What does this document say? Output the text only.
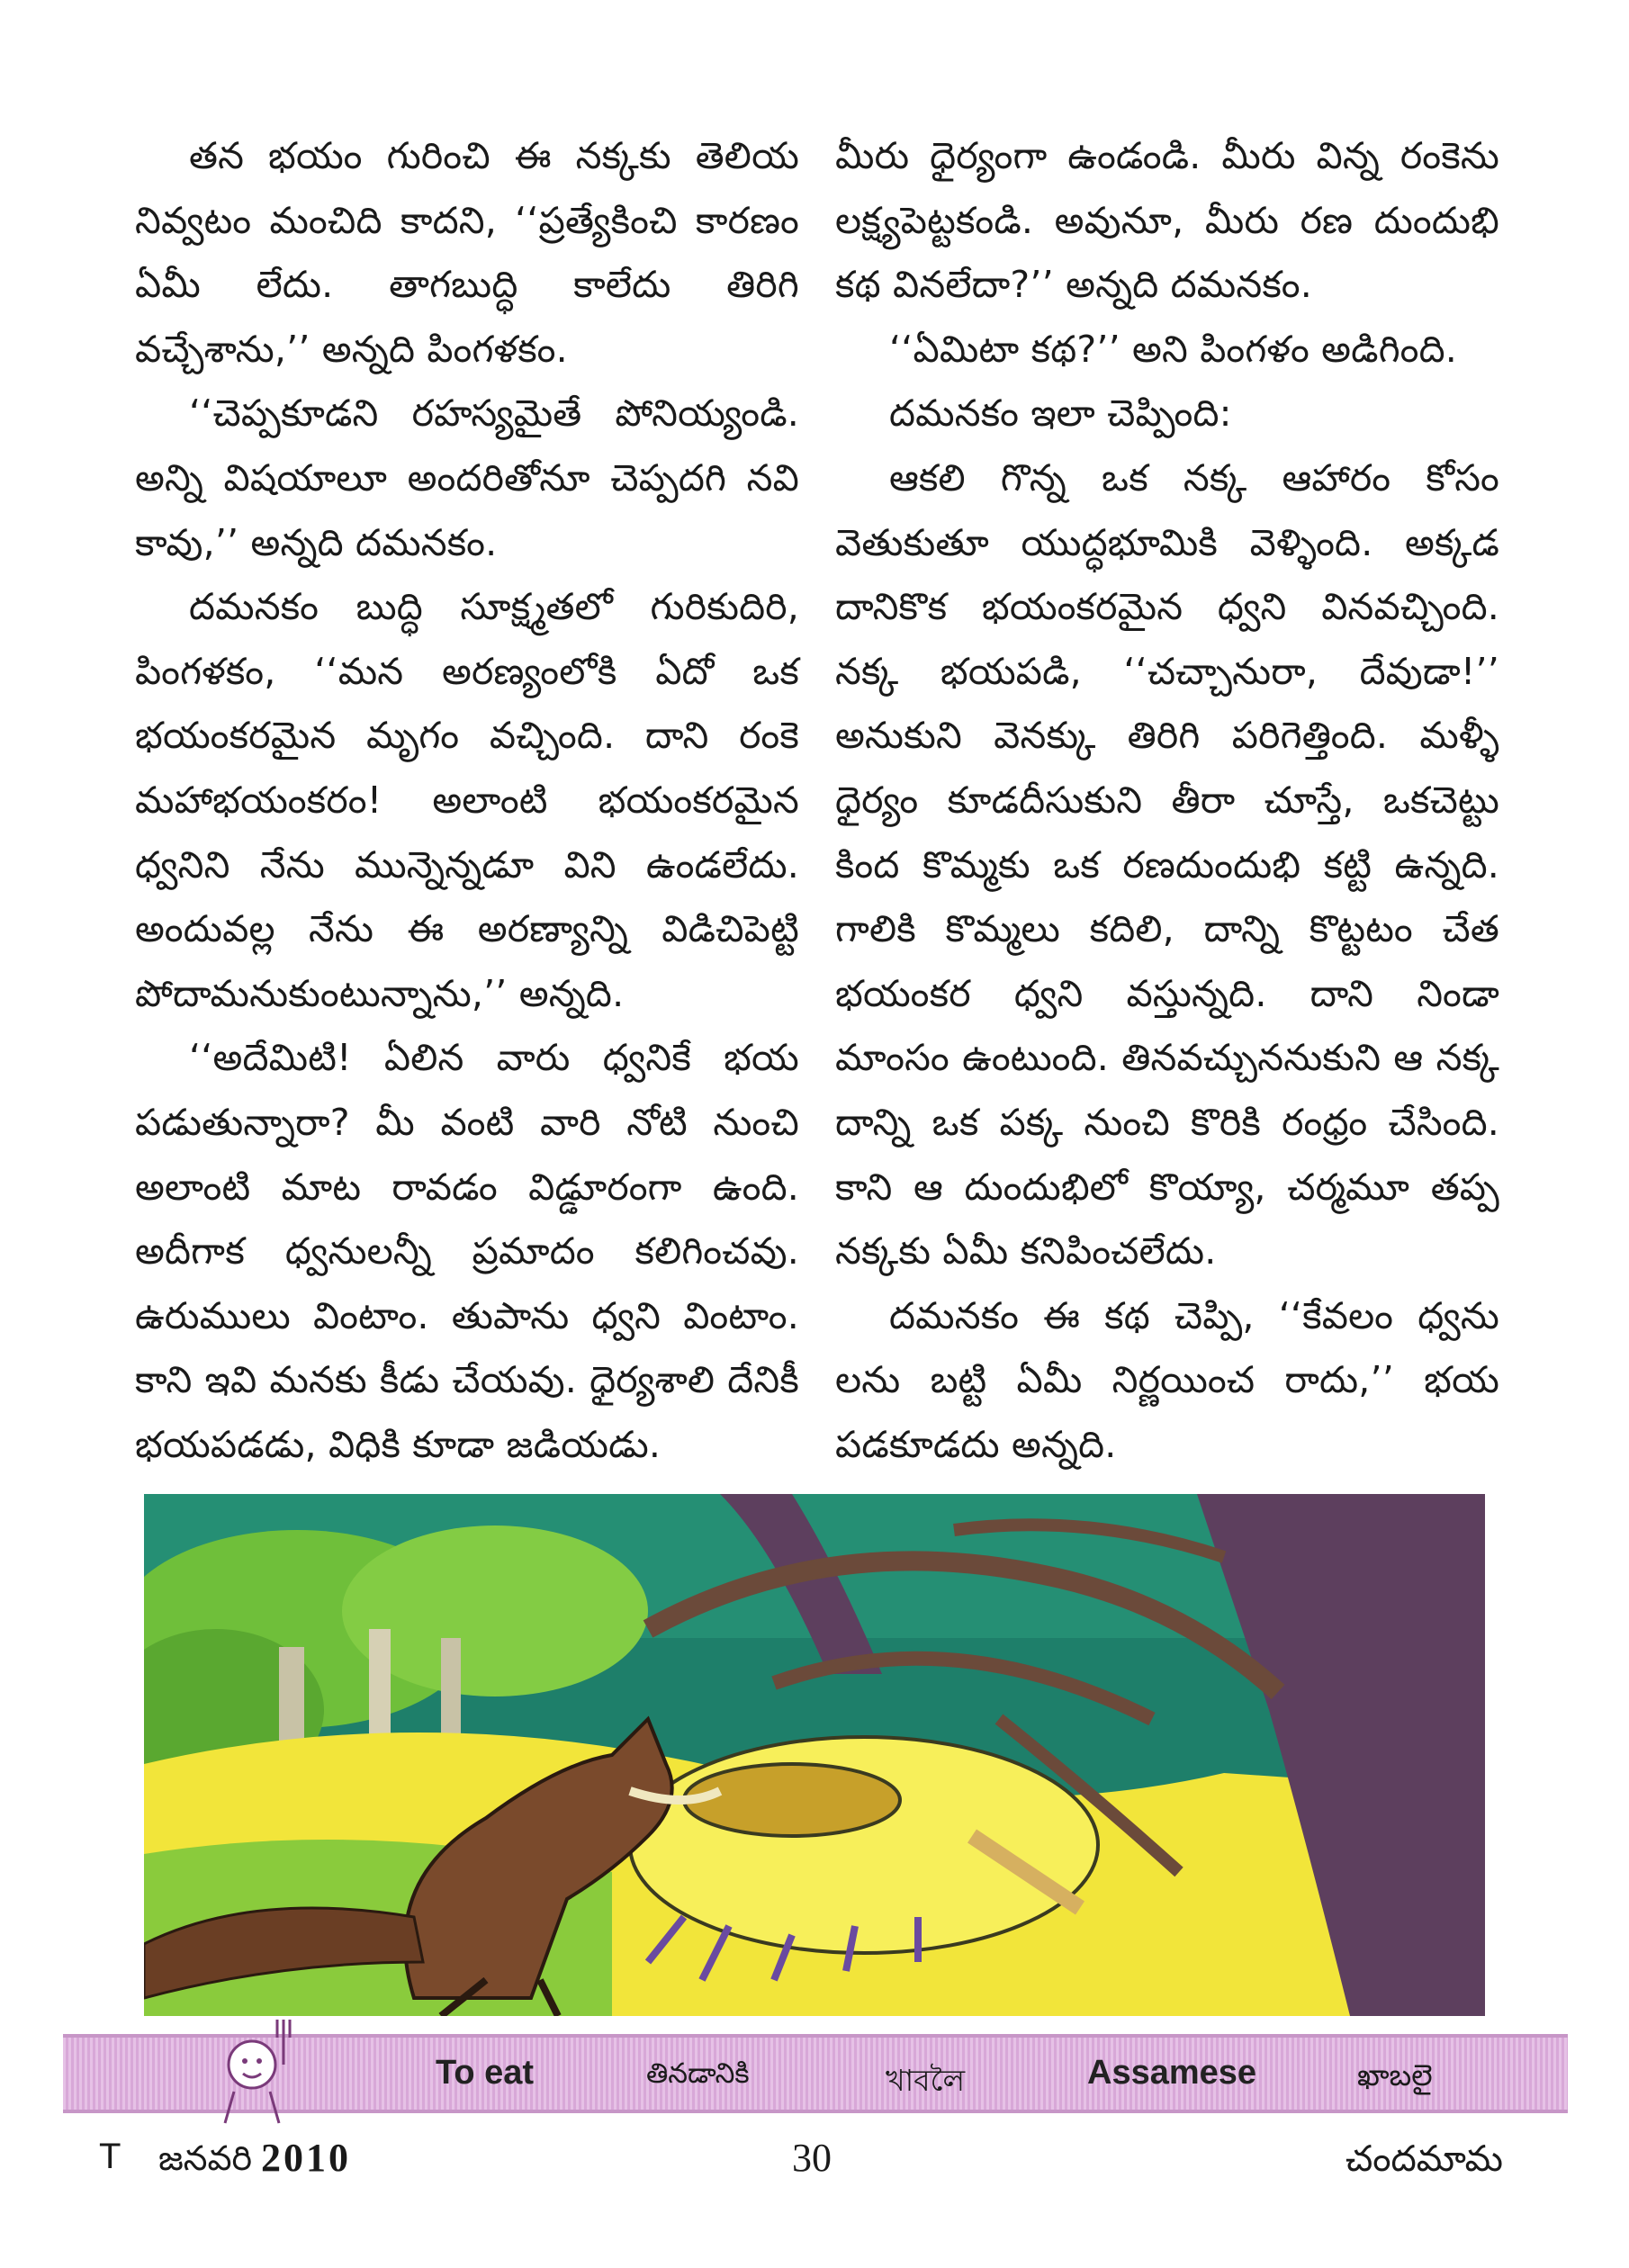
తన భయం గురించి ఈ నక్కకు తెలియ నివ్వటం మంచిది కాదని, ‘‘ప్రత్యేకించి కారణం ఏమీ లేదు. తాగబుద్ధి కాలేదు తిరిగి వచ్చేశాను,’’ అన్నది పింగళకం.

‘‘చెప్పకూడని రహస్యమైతే పోనియ్యండి. అన్ని విషయాలూ అందరితోనూ చెప్పదగి నవి కావు,’’ అన్నది దమనకం.

దమనకం బుద్ధి సూక్ష్మతలో గురికుదిరి, పింగళకం, ‘‘మన అరణ్యంలోకి ఏదో ఒక భయంకరమైన మృగం వచ్చింది. దాని రంకె మహాభయంకరం! అలాంటి భయంకరమైన ధ్వనిని నేను మున్నెన్నడూ విని ఉండలేదు. అందువల్ల నేను ఈ అరణ్యాన్ని విడిచిపెట్టి పోదామనుకుంటున్నాను,’’ అన్నది.

‘‘అదేమిటి! ఏలిన వారు ధ్వనికే భయ పడుతున్నారా? మీ వంటి వారి నోటి నుంచి అలాంటి మాట రావడం విడ్డూరంగా ఉంది. అదీగాక ధ్వనులన్నీ ప్రమాదం కలిగించవు. ఉరుములు వింటాం. తుపాను ధ్వని వింటాం. కాని ఇవి మనకు కీడు చేయవు. ధైర్యశాలి దేనికీ భయపడడు, విధికి కూడా జడియడు.

మీరు ధైర్యంగా ఉండండి. మీరు విన్న రంకెను లక్ష్యపెట్టకండి. అవునూ, మీరు రణ దుందుభి కథ వినలేదా?’’ అన్నది దమనకం.

‘‘ఏమిటా కథ?’’ అని పింగళం అడిగింది.

దమనకం ఇలా చెప్పింది:

ఆకలి గొన్న ఒక నక్క ఆహారం కోసం వెతుకుతూ యుద్ధభూమికి వెళ్ళింది. అక్కడ దానికొక భయంకరమైన ధ్వని వినవచ్చింది. నక్క భయపడి, ‘‘చచ్చానురా, దేవుడా!’’ అనుకుని వెనక్కు తిరిగి పరిగెత్తింది. మళ్ళీ ధైర్యం కూడదీసుకుని తీరా చూస్తే, ఒకచెట్టు కింద కొమ్మకు ఒక రణదుందుభి కట్టి ఉన్నది. గాలికి కొమ్మలు కదిలి, దాన్ని కొట్టటం చేత భయంకర ధ్వని వస్తున్నది. దాని నిండా మాంసం ఉంటుంది. తినవచ్చుననుకుని ఆ నక్క దాన్ని ఒక పక్క నుంచి కొరికి రంధ్రం చేసింది. కాని ఆ దుందుభిలో కొయ్యా, చర్మమూ తప్ప నక్కకు ఏమీ కనిపించలేదు.

దమనకం ఈ కథ చెప్పి, ‘‘కేవలం ధ్వను లను బట్టి ఏమీ నిర్ణయించ రాదు,’’ భయ పడకూడదు అన్నది.

To eat	తినడానికి	খাবলৈ	Assamese	ఖాబలై
T జనవరి 2010	30	చందమామ
